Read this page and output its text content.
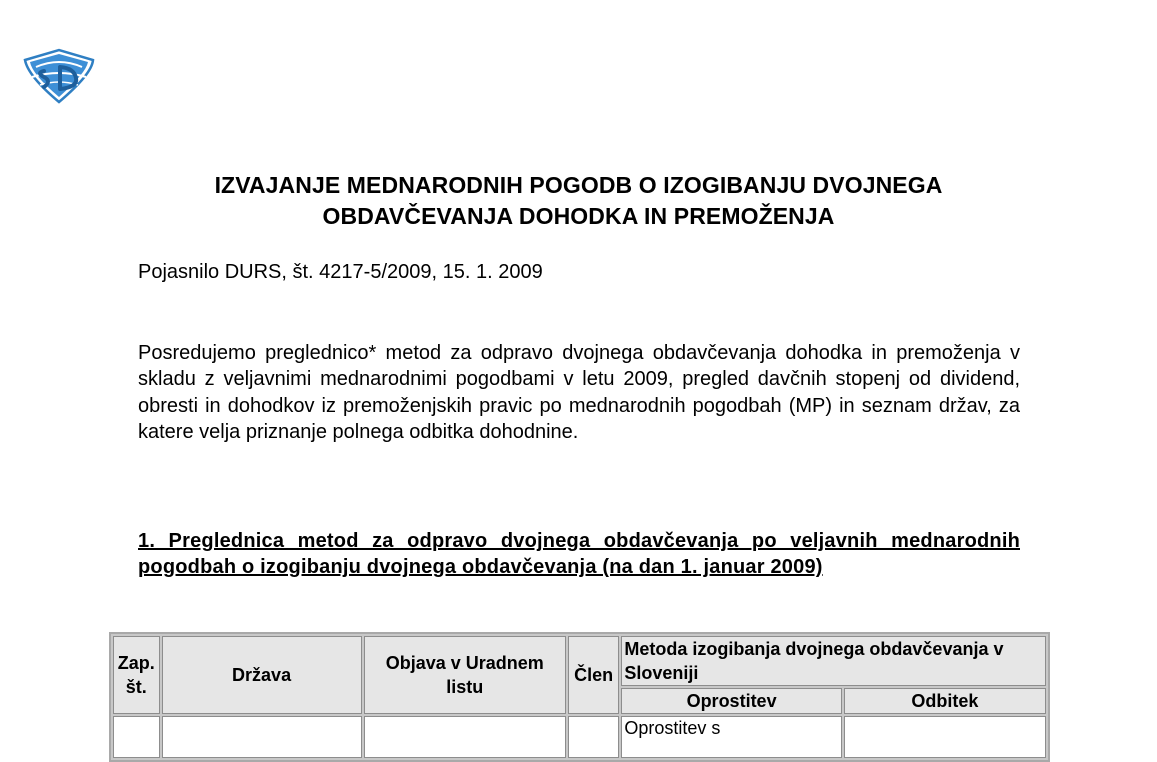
IZVAJANJE MEDNARODNIH POGODB O IZOGIBANJU DVOJNEGA
OBDAVČEVANJA DOHODKA IN PREMOŽENJA
Pojasnilo DURS, št. 4217-5/2009, 15. 1. 2009
Posredujemo preglednico* metod za odpravo dvojnega obdavčevanja dohodka in premoženja v skladu z veljavnimi mednarodnimi pogodbami v letu 2009, pregled davčnih stopenj od dividend, obresti in dohodkov iz premoženjskih pravic po mednarodnih pogodbah (MP) in seznam držav, za katere velja priznanje polnega odbitka dohodnine.
1. Preglednica metod za odpravo dvojnega obdavčevanja po veljavnih mednarodnih pogodbah o izogibanju dvojnega obdavčevanja (na dan 1. januar 2009)
Zap. št.	Država	Objava v Uradnem listu	Člen	Metoda izogibanja dvojnega obdavčevanja v Sloveniji	
				Oprostitev	Odbitek
				Oprostitev s	
